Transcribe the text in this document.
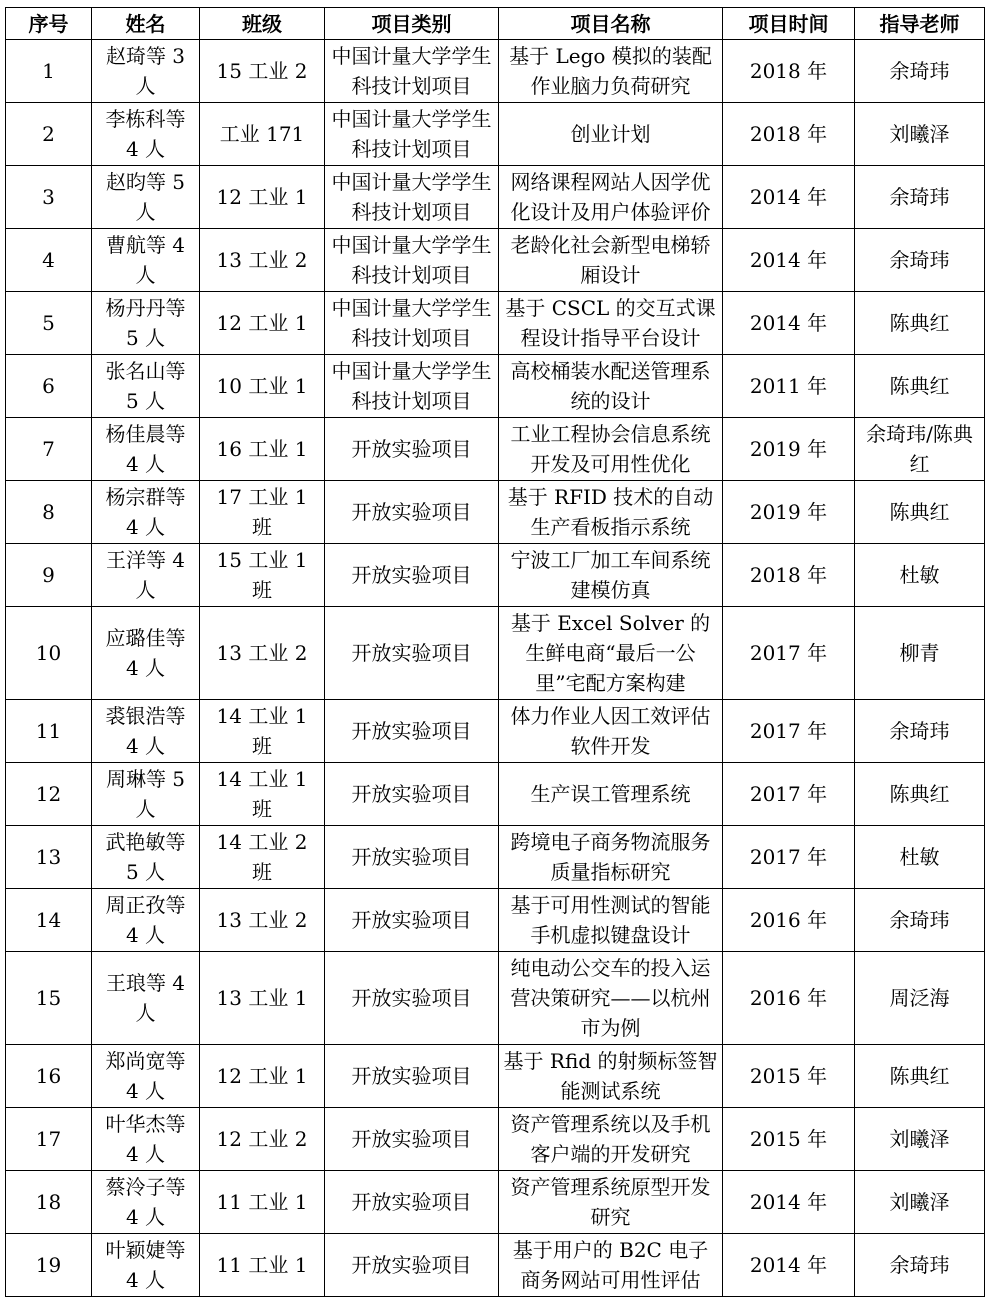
序号	姓名	班级	项目类别	项目名称	项目时间	指导老师
1	赵琦等 3 人	15 工业 2	中国计量大学学生科技计划项目	基于 Lego 模拟的装配作业脑力负荷研究	2018 年	余琦玮
2	李栋科等 4 人	工业 171	中国计量大学学生科技计划项目	创业计划	2018 年	刘曦泽
3	赵昀等 5 人	12 工业 1	中国计量大学学生科技计划项目	网络课程网站人因学优化设计及用户体验评价	2014 年	余琦玮
4	曹航等 4 人	13 工业 2	中国计量大学学生科技计划项目	老龄化社会新型电梯轿厢设计	2014 年	余琦玮
5	杨丹丹等 5 人	12 工业 1	中国计量大学学生科技计划项目	基于 CSCL 的交互式课程设计指导平台设计	2014 年	陈典红
6	张名山等 5 人	10 工业 1	中国计量大学学生科技计划项目	高校桶装水配送管理系统的设计	2011 年	陈典红
7	杨佳晨等 4 人	16 工业 1	开放实验项目	工业工程协会信息系统开发及可用性优化	2019 年	余琦玮/陈典红
8	杨宗群等 4 人	17 工业 1 班	开放实验项目	基于 RFID 技术的自动生产看板指示系统	2019 年	陈典红
9	王洋等 4 人	15 工业 1 班	开放实验项目	宁波工厂加工车间系统建模仿真	2018 年	杜敏
10	应璐佳等 4 人	13 工业 2	开放实验项目	基于 Excel Solver 的生鲜电商“最后一公里”宅配方案构建	2017 年	柳青
11	裘银浩等 4 人	14 工业 1 班	开放实验项目	体力作业人因工效评估软件开发	2017 年	余琦玮
12	周琳等 5 人	14 工业 1 班	开放实验项目	生产误工管理系统	2017 年	陈典红
13	武艳敏等 5 人	14 工业 2 班	开放实验项目	跨境电子商务物流服务质量指标研究	2017 年	杜敏
14	周正孜等 4 人	13 工业 2	开放实验项目	基于可用性测试的智能手机虚拟键盘设计	2016 年	余琦玮
15	王琅等 4 人	13 工业 1	开放实验项目	纯电动公交车的投入运营决策研究——以杭州市为例	2016 年	周泛海
16	郑尚宽等 4 人	12 工业 1	开放实验项目	基于 Rfid 的射频标签智能测试系统	2015 年	陈典红
17	叶华杰等 4 人	12 工业 2	开放实验项目	资产管理系统以及手机客户端的开发研究	2015 年	刘曦泽
18	蔡泠子等 4 人	11 工业 1	开放实验项目	资产管理系统原型开发研究	2014 年	刘曦泽
19	叶颖婕等 4 人	11 工业 1	开放实验项目	基于用户的 B2C 电子商务网站可用性评估	2014 年	余琦玮
